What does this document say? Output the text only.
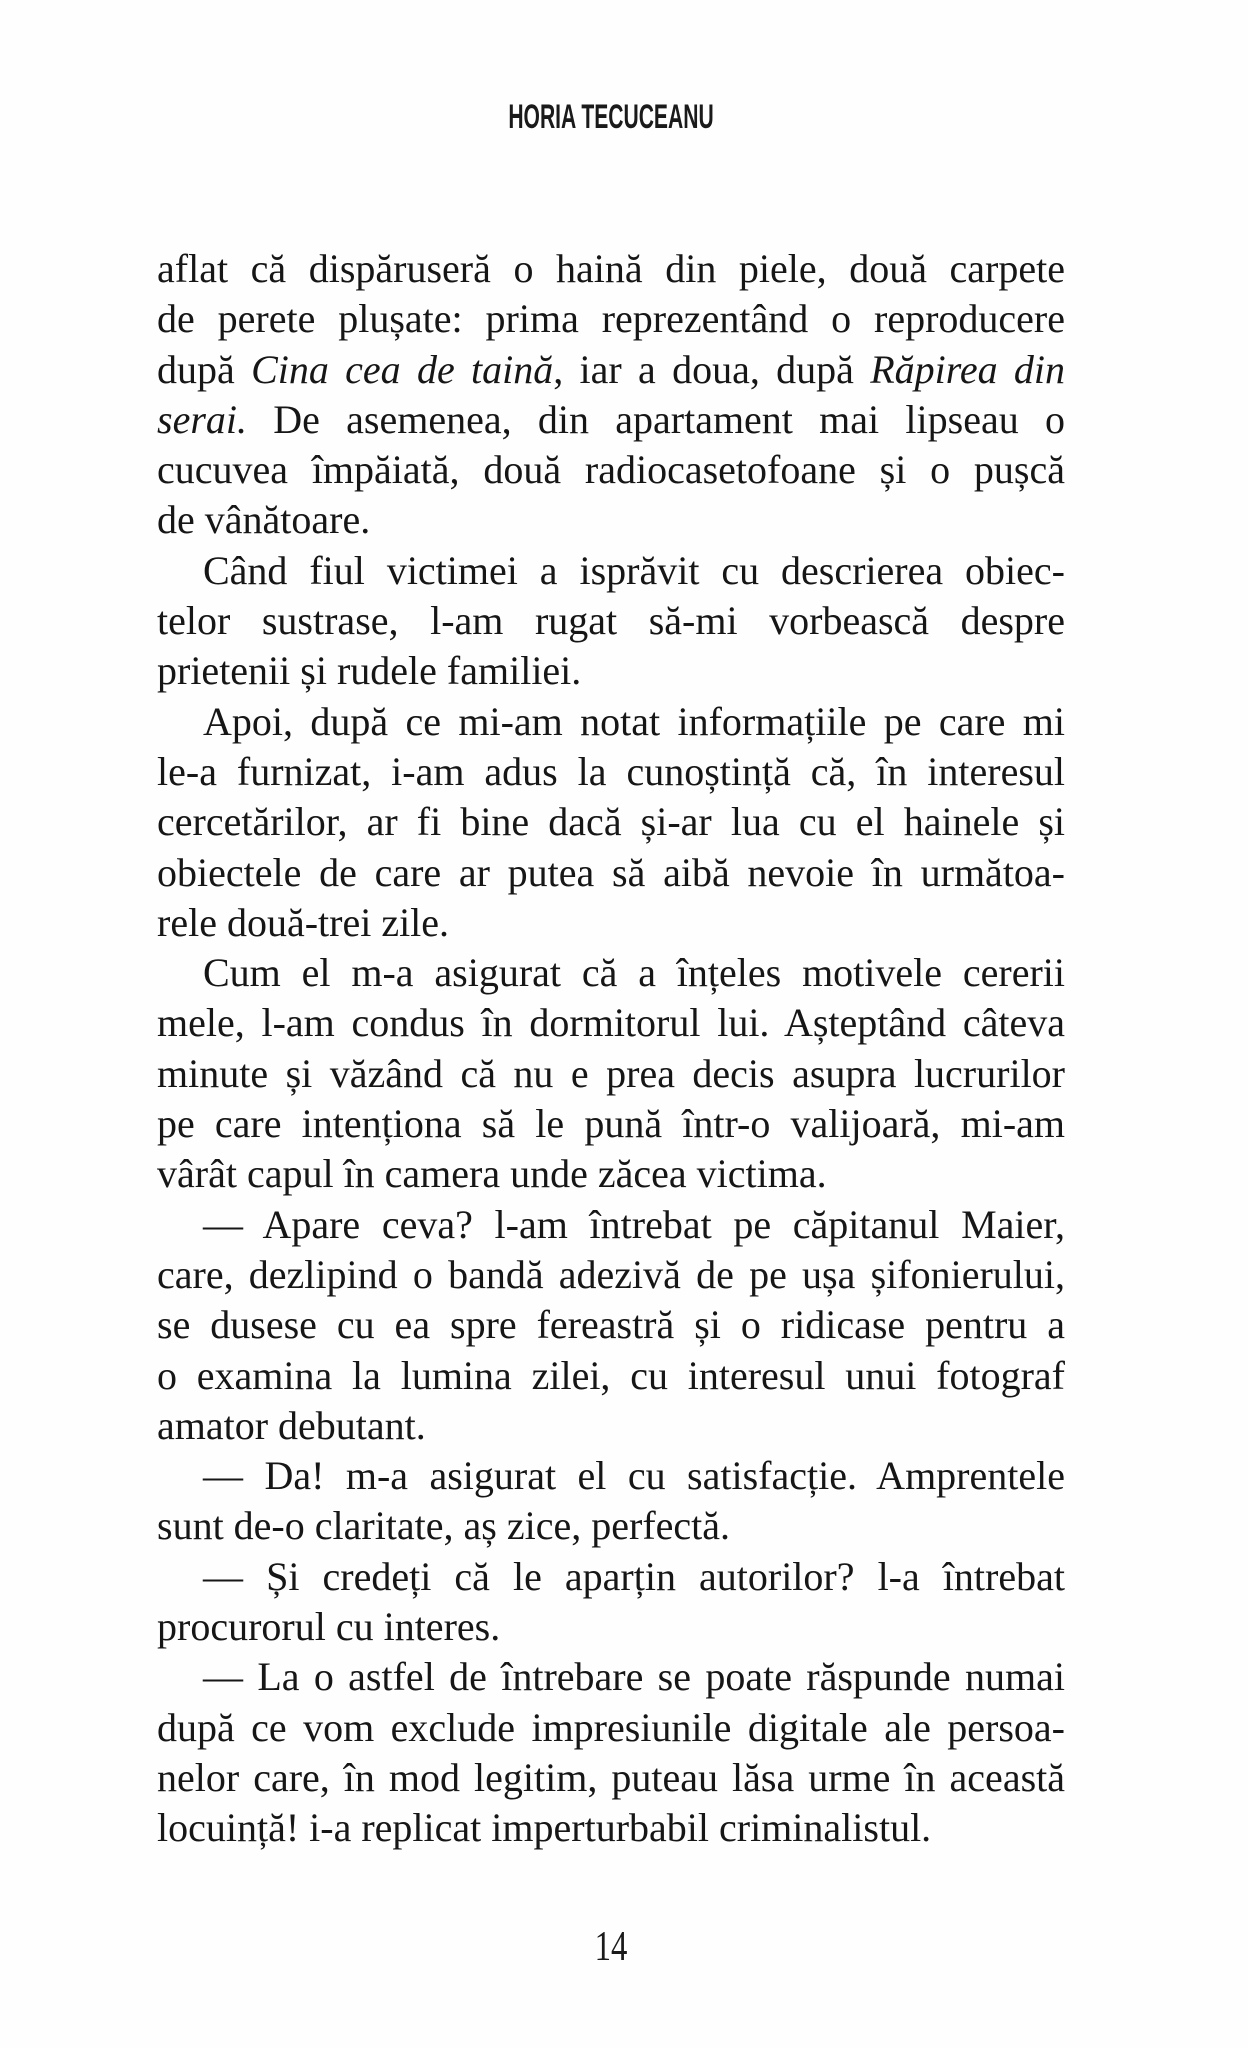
HORIA TECUCEANU
aflat că dispăruseră o haină din piele, două carpete
de perete plușate: prima reprezentând o reproducere
după Cina cea de taină, iar a doua, după Răpirea din
serai. De asemenea, din apartament mai lipseau o
cucuvea împăiată, două radiocasetofoane și o pușcă
de vânătoare.
Când fiul victimei a isprăvit cu descrierea obiec-
telor sustrase, l-am rugat să-mi vorbească despre
prietenii și rudele familiei.
Apoi, după ce mi-am notat informațiile pe care mi
le-a furnizat, i-am adus la cunoștință că, în interesul
cercetărilor, ar fi bine dacă și-ar lua cu el hainele și
obiectele de care ar putea să aibă nevoie în următoa-
rele două-trei zile.
Cum el m-a asigurat că a înțeles motivele cererii
mele, l-am condus în dormitorul lui. Așteptând câteva
minute și văzând că nu e prea decis asupra lucrurilor
pe care intenționa să le pună într-o valijoară, mi-am
vârât capul în camera unde zăcea victima.
— Apare ceva? l-am întrebat pe căpitanul Maier,
care, dezlipind o bandă adezivă de pe ușa șifonierului,
se dusese cu ea spre fereastră și o ridicase pentru a
o examina la lumina zilei, cu interesul unui fotograf
amator debutant.
— Da! m-a asigurat el cu satisfacție. Amprentele
sunt de-o claritate, aș zice, perfectă.
— Și credeți că le aparțin autorilor? l-a întrebat
procurorul cu interes.
— La o astfel de întrebare se poate răspunde numai
după ce vom exclude impresiunile digitale ale persoa-
nelor care, în mod legitim, puteau lăsa urme în această
locuință! i-a replicat imperturbabil criminalistul.
14
